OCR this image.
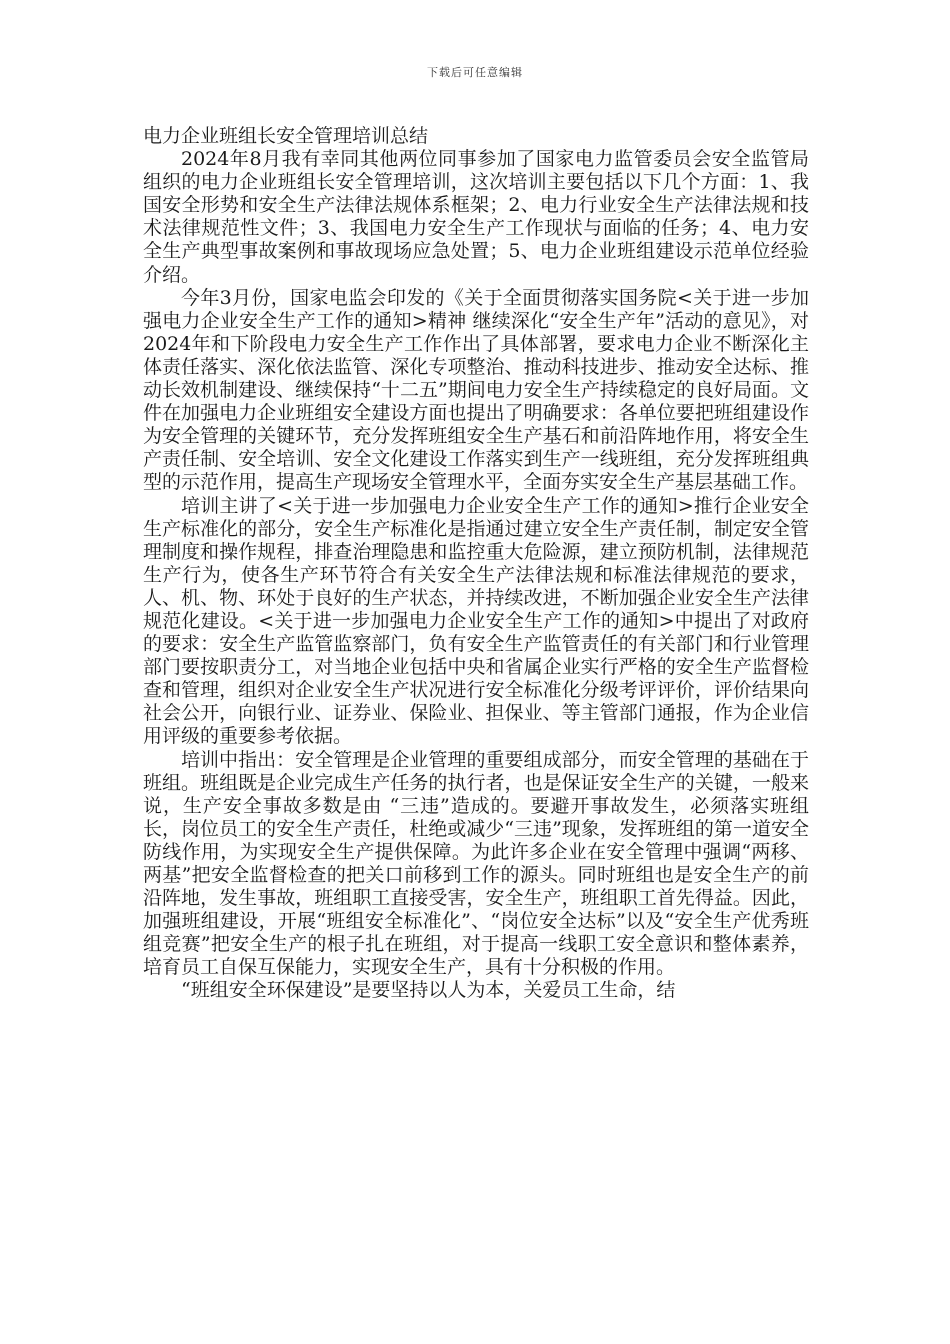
下载后可任意编辑
电力企业班组长安全管理培训总结

2024年8月我有幸同其他两位同事参加了国家电力监管委员会安全监管局组织的电力企业班组长安全管理培训，这次培训主要包括以下几个方面：1、我国安全形势和安全生产法律法规体系框架；2、电力行业安全生产法律法规和技术法律规范性文件；3、我国电力安全生产工作现状与面临的任务；4、电力安全生产典型事故案例和事故现场应急处置；5、电力企业班组建设示范单位经验介绍。

今年3月份，国家电监会印发的《关于全面贯彻落实国务院<关于进一步加强电力企业安全生产工作的通知>精神 继续深化“安全生产年”活动的意见》，对2024年和下阶段电力安全生产工作作出了具体部署，要求电力企业不断深化主体责任落实、深化依法监管、深化专项整治、推动科技进步、推动安全达标、推动长效机制建设、继续保持“十二五”期间电力安全生产持续稳定的良好局面。文件在加强电力企业班组安全建设方面也提出了明确要求：各单位要把班组建设作为安全管理的关键环节，充分发挥班组安全生产基石和前沿阵地作用，将安全生产责任制、安全培训、安全文化建设工作落实到生产一线班组，充分发挥班组典型的示范作用，提高生产现场安全管理水平，全面夯实安全生产基层基础工作。

培训主讲了<关于进一步加强电力企业安全生产工作的通知>推行企业安全生产标准化的部分，安全生产标准化是指通过建立安全生产责任制，制定安全管理制度和操作规程，排查治理隐患和监控重大危险源，建立预防机制，法律规范生产行为，使各生产环节符合有关安全生产法律法规和标准法律规范的要求，人、机、物、环处于良好的生产状态，并持续改进，不断加强企业安全生产法律规范化建设。<关于进一步加强电力企业安全生产工作的通知>中提出了对政府的要求：安全生产监管监察部门，负有安全生产监管责任的有关部门和行业管理部门要按职责分工，对当地企业包括中央和省属企业实行严格的安全生产监督检查和管理，组织对企业安全生产状况进行安全标准化分级考评评价，评价结果向社会公开，向银行业、证券业、保险业、担保业、等主管部门通报，作为企业信用评级的重要参考依据。

培训中指出：安全管理是企业管理的重要组成部分，而安全管理的基础在于班组。班组既是企业完成生产任务的执行者，也是保证安全生产的关键，一般来说，生产安全事故多数是由 “三违”造成的。要避开事故发生，必须落实班组长，岗位员工的安全生产责任，杜绝或减少“三违”现象，发挥班组的第一道安全防线作用，为实现安全生产提供保障。为此许多企业在安全管理中强调“两移、两基”把安全监督检查的把关口前移到工作的源头。同时班组也是安全生产的前沿阵地，发生事故，班组职工直接受害，安全生产，班组职工首先得益。因此，加强班组建设，开展“班组安全标准化”、“岗位安全达标”以及“安全生产优秀班组竞赛”把安全生产的根子扎在班组，对于提高一线职工安全意识和整体素养，培育员工自保互保能力，实现安全生产，具有十分积极的作用。

“班组安全环保建设”是要坚持以人为本，关爱员工生命，结
